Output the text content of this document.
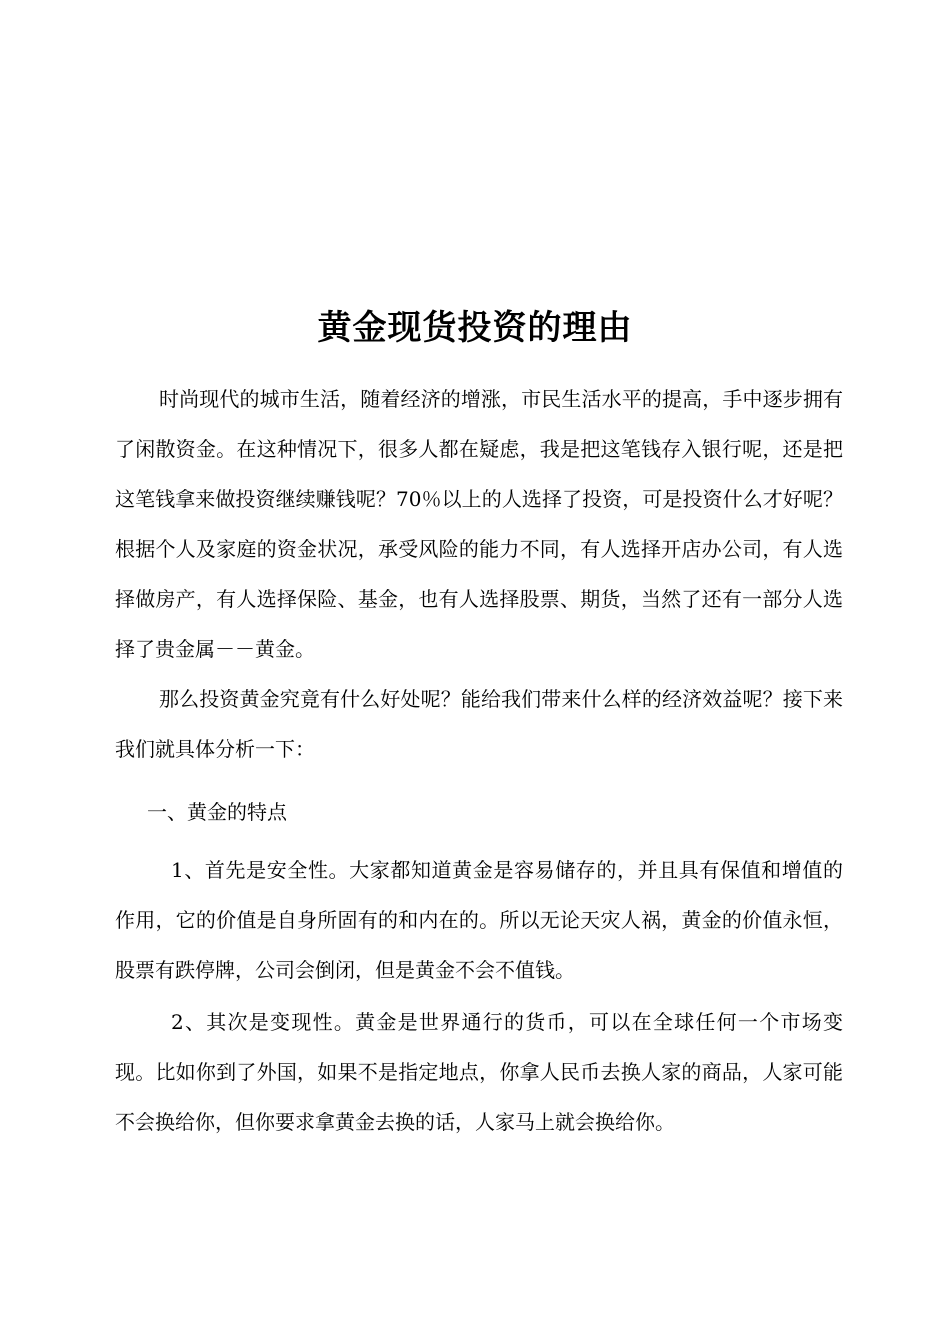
黄金现货投资的理由

时尚现代的城市生活，随着经济的增涨，市民生活水平的提高，手中逐步拥有了闲散资金。在这种情况下，很多人都在疑虑，我是把这笔钱存入银行呢，还是把这笔钱拿来做投资继续赚钱呢？70％以上的人选择了投资，可是投资什么才好呢？根据个人及家庭的资金状况，承受风险的能力不同，有人选择开店办公司，有人选择做房产，有人选择保险、基金，也有人选择股票、期货，当然了还有一部分人选择了贵金属－－黄金。

那么投资黄金究竟有什么好处呢？能给我们带来什么样的经济效益呢？接下来我们就具体分析一下：

一、黄金的特点

1、首先是安全性。大家都知道黄金是容易储存的，并且具有保值和增值的作用，它的价值是自身所固有的和内在的。所以无论天灾人祸，黄金的价值永恒，股票有跌停牌，公司会倒闭，但是黄金不会不值钱。

2、其次是变现性。黄金是世界通行的货币，可以在全球任何一个市场变现。比如你到了外国，如果不是指定地点，你拿人民币去换人家的商品，人家可能不会换给你，但你要求拿黄金去换的话，人家马上就会换给你。
